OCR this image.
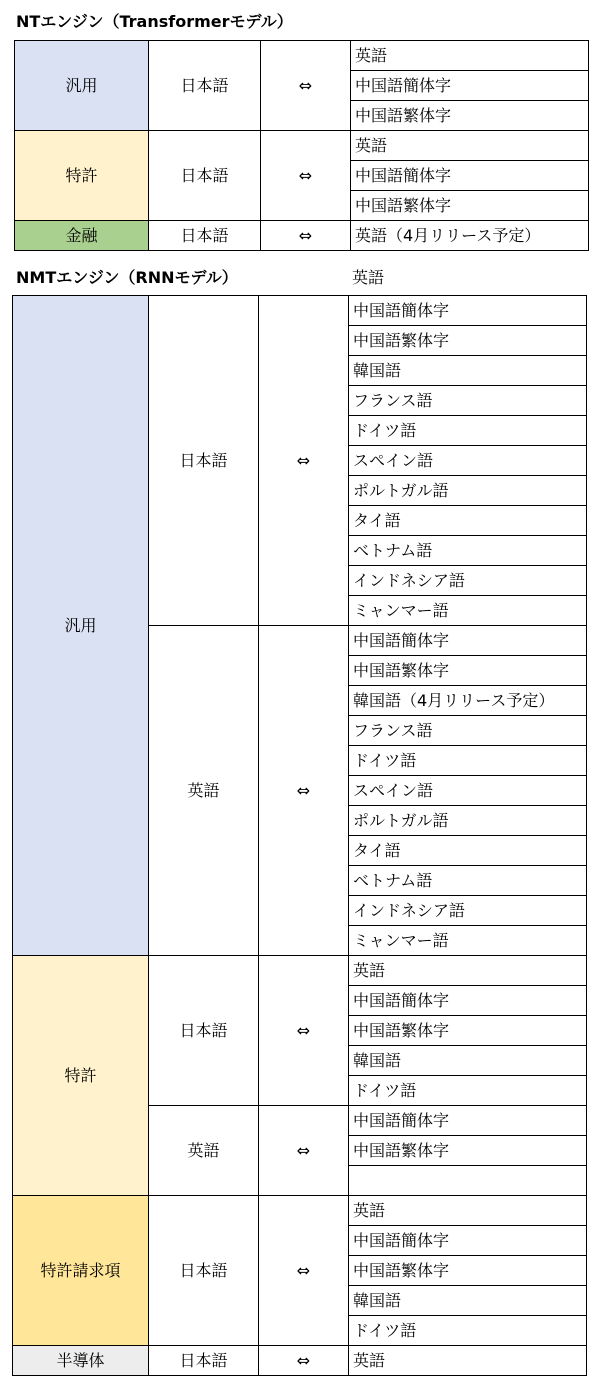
NTエンジン（Transformerモデル）
汎用	日本語	⇔	英語
			中国語簡体字
			中国語繁体字
特許	日本語	⇔	英語
			中国語簡体字
			中国語繁体字
金融	日本語	⇔	英語（4月リリース予定）
NMTエンジン（RNNモデル）	英語
汎用	日本語	⇔	中国語簡体字
			中国語繁体字
			韓国語
			フランス語
			ドイツ語
			スペイン語
			ポルトガル語
			タイ語
			ベトナム語
			インドネシア語
			ミャンマー語
	英語	⇔	中国語簡体字
			中国語繁体字
			韓国語（4月リリース予定）
			フランス語
			ドイツ語
			スペイン語
			ポルトガル語
			タイ語
			ベトナム語
			インドネシア語
			ミャンマー語
特許	日本語	⇔	英語
			中国語簡体字
			中国語繁体字
			韓国語
			ドイツ語
	英語	⇔	中国語簡体字
			中国語繁体字

特許請求項	日本語	⇔	英語
			中国語簡体字
			中国語繁体字
			韓国語
			ドイツ語
半導体	日本語	⇔	英語
